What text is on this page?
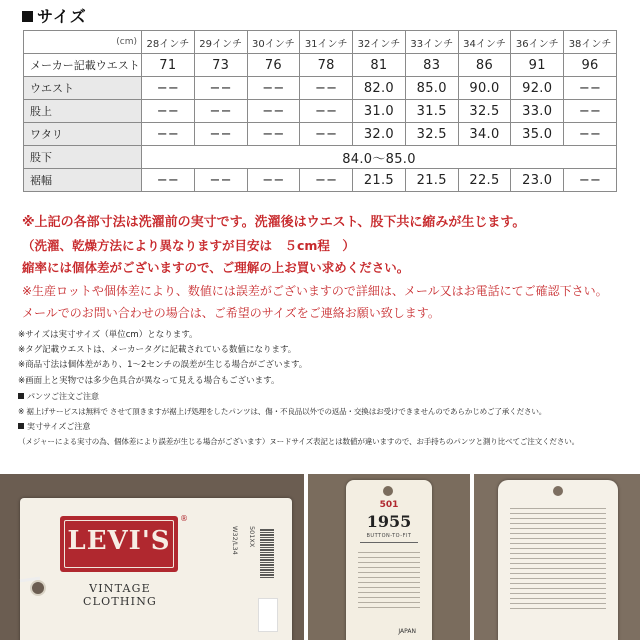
サイズ
(cm)	28インチ	29インチ	30インチ	31インチ	32インチ	33インチ	34インチ	36インチ	38インチ
メーカー記載ウエスト	71	73	76	78	81	83	86	91	96
ウエスト	−−	−−	−−	−−	82.0	85.0	90.0	92.0	−−
股上	−−	−−	−−	−−	31.0	31.5	32.5	33.0	−−
ワタリ	−−	−−	−−	−−	32.0	32.5	34.0	35.0	−−
股下	84.0〜85.0								
裾幅	−−	−−	−−	−−	21.5	21.5	22.5	23.0	−−
※上記の各部寸法は洗濯前の実寸です。洗濯後はウエスト、股下共に縮みが生じます。
（洗濯、乾燥方法により異なりますが目安は　５cm程　）
縮率には個体差がございますので、ご理解の上お買い求めください。
※生産ロットや個体差により、数値には誤差がございますので詳細は、メール又はお電話にてご確認下さい。
メールでのお問い合わせの場合は、ご希望のサイズをご連絡お願い致します。
※サイズは実寸サイズ（単位cm）となります。
※タグ記載ウエストは、メーカータグに記載されている数値になります。
※商品寸法は個体差があり、1〜2センチの誤差が生じる場合がございます。
※画面上と実物では多少色具合が異なって見える場合もございます。
パンツご注文ご注意
※ 裾上げサービスは無料で させて頂きますが裾上げ処理をしたパンツは、傷・不良品以外での返品・交換はお受けできませんのであらかじめご了承ください。
実寸サイズご注意
（メジャーによる実寸の為、個体差により誤差が生じる場合がございます）ヌードサイズ表記とは数値が違いますので、お手持ちのパンツと測り比べてご注文ください。
LEVI'S
®
VINTAGE CLOTHING
W32/L34	501XX
501
1955
BUTTON-TO-FIT
JAPAN
